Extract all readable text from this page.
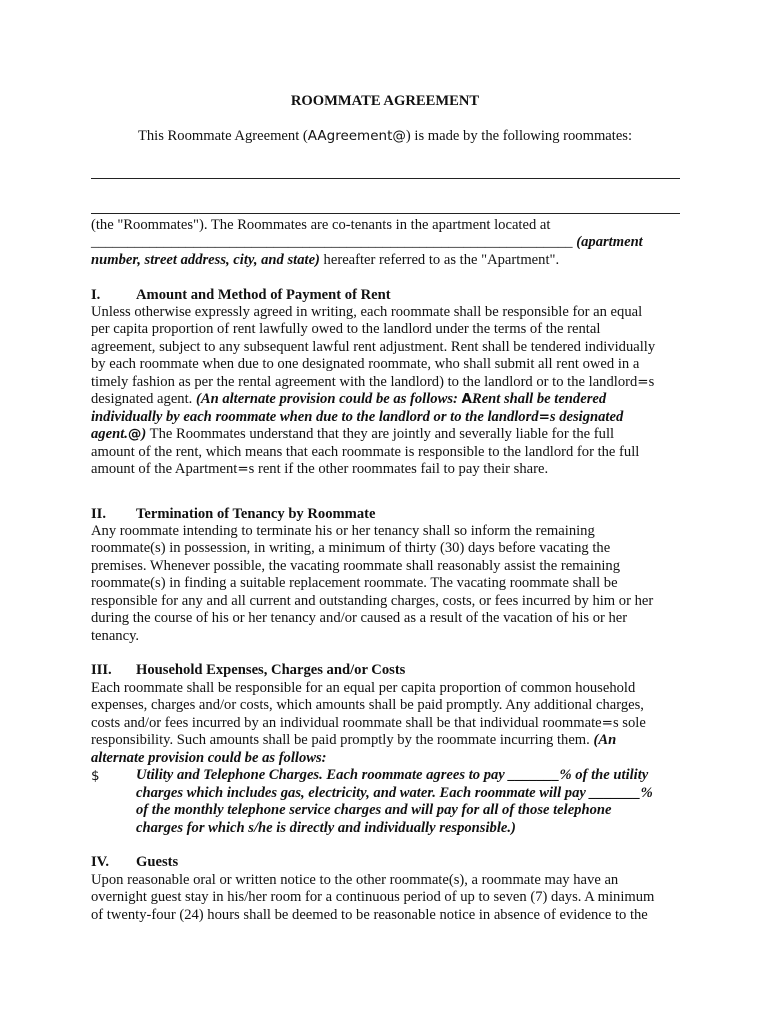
ROOMMATE AGREEMENT
This Roommate Agreement (AAgreement@) is made by the following roommates:
(the "Roommates"). The Roommates are co-tenants in the apartment located at
__________________________________________________________________ (apartment
number, street address, city, and state) hereafter referred to as the "Apartment".
I. Amount and Method of Payment of Rent
Unless otherwise expressly agreed in writing, each roommate shall be responsible for an equal
per capita proportion of rent lawfully owed to the landlord under the terms of the rental
agreement, subject to any subsequent lawful rent adjustment. Rent shall be tendered individually
by each roommate when due to one designated roommate, who shall submit all rent owed in a
timely fashion as per the rental agreement with the landlord) to the landlord or to the landlord=s
designated agent. (An alternate provision could be as follows: ARent shall be tendered
individually by each roommate when due to the landlord or to the landlord=s designated
agent.@) The Roommates understand that they are jointly and severally liable for the full
amount of the rent, which means that each roommate is responsible to the landlord for the full
amount of the Apartment=s rent if the other roommates fail to pay their share.
II. Termination of Tenancy by Roommate
Any roommate intending to terminate his or her tenancy shall so inform the remaining
roommate(s) in possession, in writing, a minimum of thirty (30) days before vacating the
premises. Whenever possible, the vacating roommate shall reasonably assist the remaining
roommate(s) in finding a suitable replacement roommate. The vacating roommate shall be
responsible for any and all current and outstanding charges, costs, or fees incurred by him or her
during the course of his or her tenancy and/or caused as a result of the vacation of his or her
tenancy.
III. Household Expenses, Charges and/or Costs
Each roommate shall be responsible for an equal per capita proportion of common household
expenses, charges and/or costs, which amounts shall be paid promptly. Any additional charges,
costs and/or fees incurred by an individual roommate shall be that individual roommate=s sole
responsibility. Such amounts shall be paid promptly by the roommate incurring them. (An
alternate provision could be as follows:
$ Utility and Telephone Charges. Each roommate agrees to pay _______% of the utility
charges which includes gas, electricity, and water. Each roommate will pay _______%
of the monthly telephone service charges and will pay for all of those telephone
charges for which s/he is directly and individually responsible.)
IV. Guests
Upon reasonable oral or written notice to the other roommate(s), a roommate may have an
overnight guest stay in his/her room for a continuous period of up to seven (7) days. A minimum
of twenty-four (24) hours shall be deemed to be reasonable notice in absence of evidence to the
